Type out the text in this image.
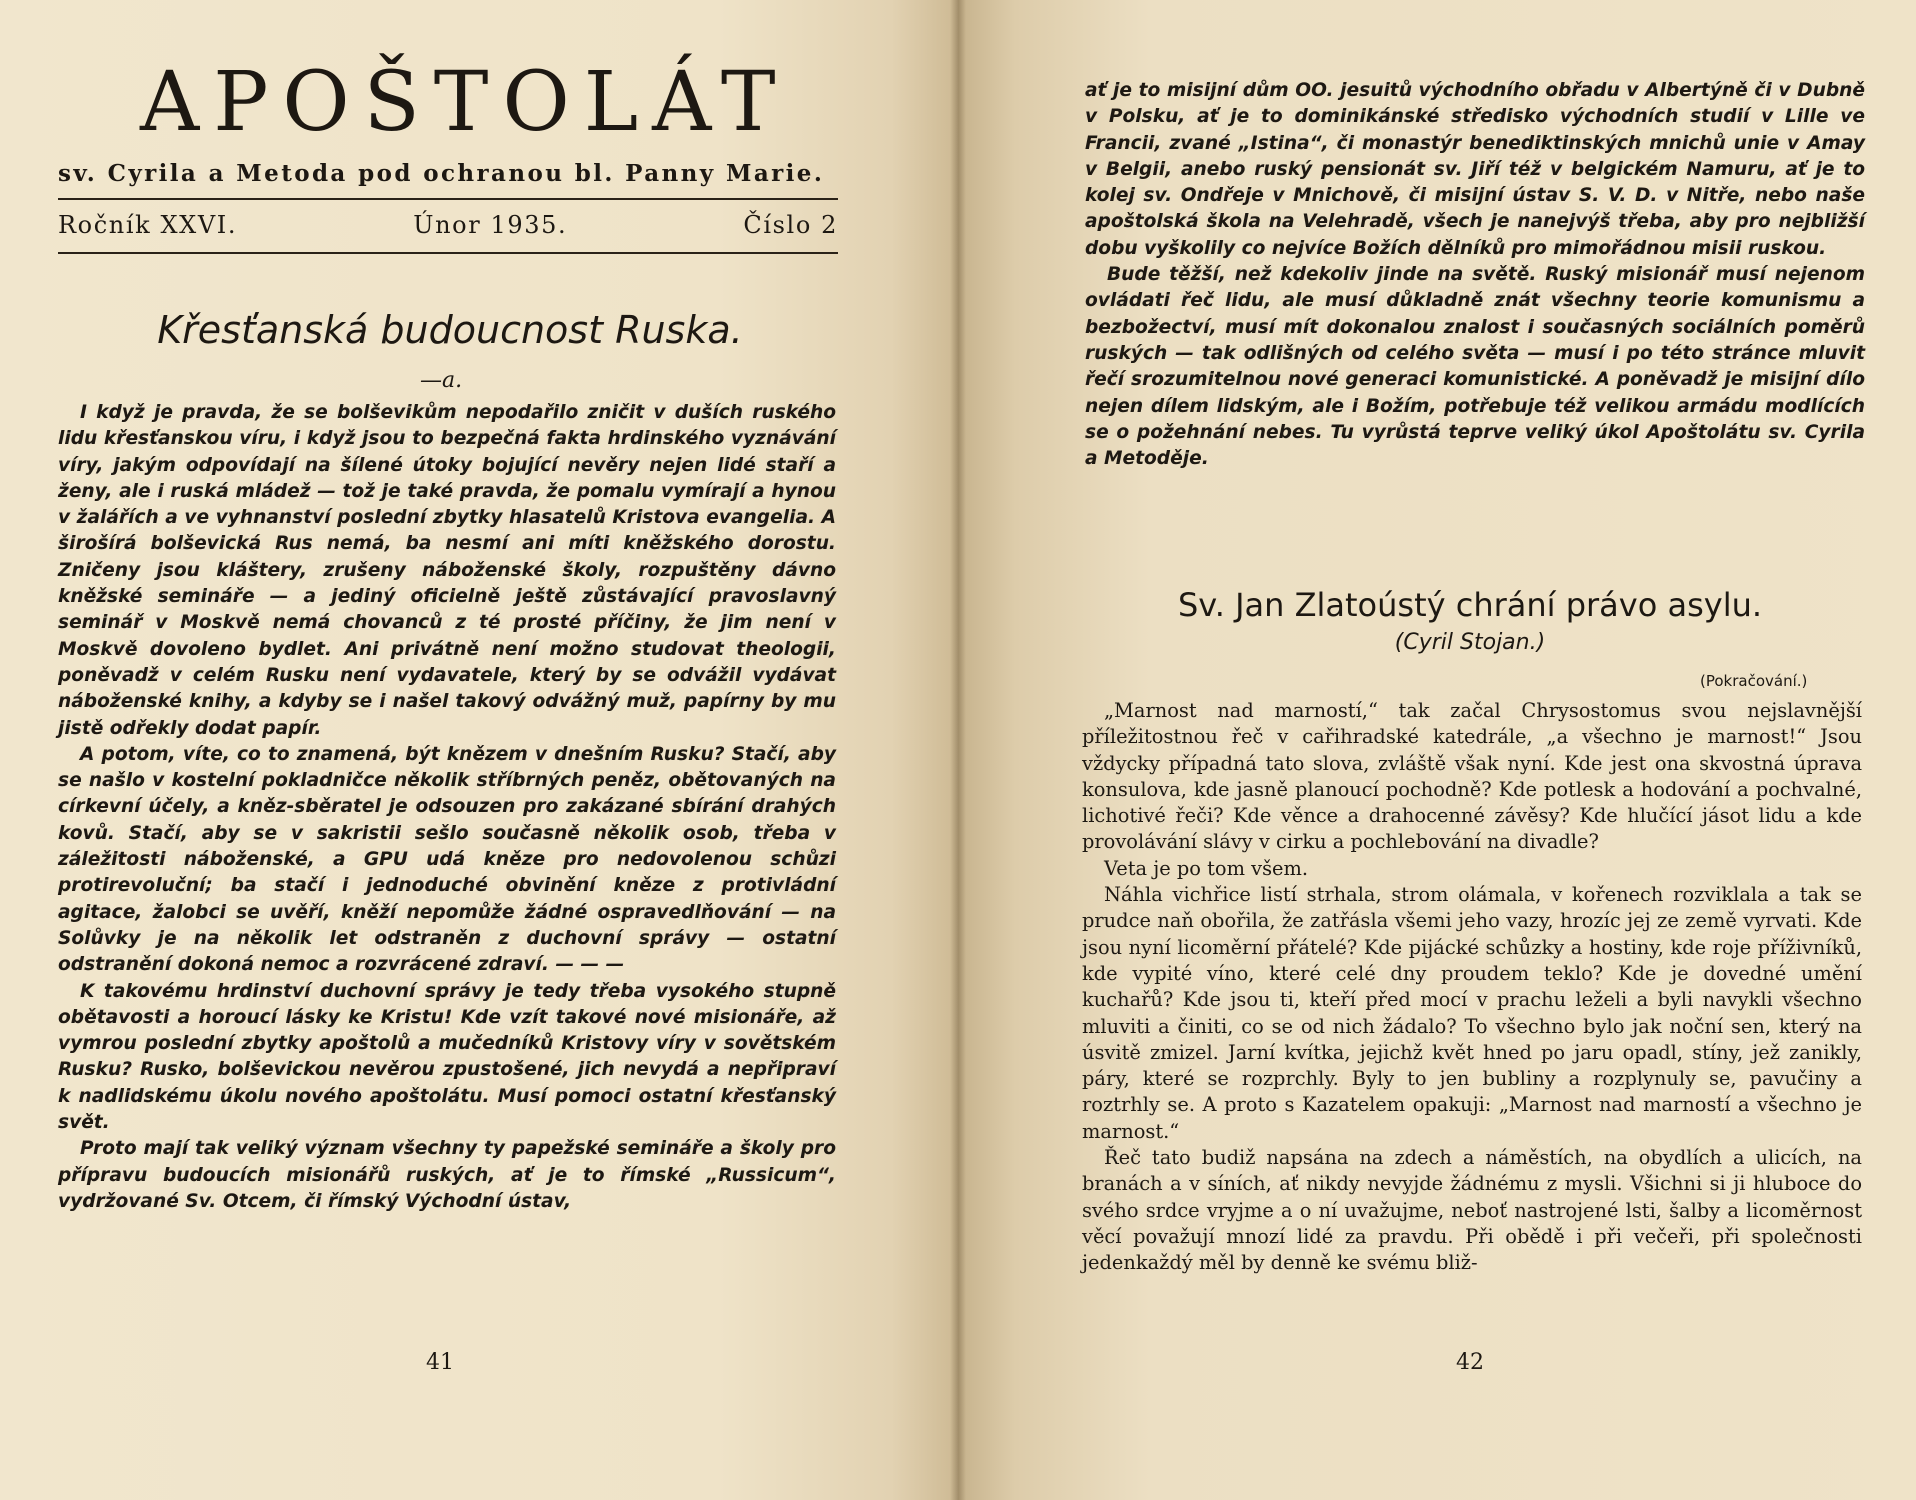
APOŠTOLÁT
sv. Cyrila a Metoda pod ochranou bl. Panny Marie.
Ročník XXVI.	Únor 1935.	Číslo 2
Křesťanská budoucnost Ruska.
—a.

I když je pravda, že se bolševikům nepodařilo zničit v duších ruského lidu křesťanskou víru, i když jsou to bezpečná fakta hrdinského vyznávání víry, jakým odpovídají na šílené útoky bojující nevěry nejen lidé staří a ženy, ale i ruská mládež — tož je také pravda, že pomalu vymírají a hynou v žalářích a ve vyhnanství poslední zbytky hlasatelů Kristova evangelia. A širošírá bolševická Rus nemá, ba nesmí ani míti kněžského dorostu. Zničeny jsou kláštery, zrušeny náboženské školy, rozpuštěny dávno kněžské semináře — a jediný oficielně ještě zůstávající pravoslavný seminář v Moskvě nemá chovanců z té prosté příčiny, že jim není v Moskvě dovoleno bydlet. Ani privátně není možno studovat theologii, poněvadž v celém Rusku není vydavatele, který by se odvážil vydávat náboženské knihy, a kdyby se i našel takový odvážný muž, papírny by mu jistě odřekly dodat papír.

A potom, víte, co to znamená, být knězem v dnešním Rusku? Stačí, aby se našlo v kostelní pokladničce několik stříbrných peněz, obětovaných na církevní účely, a kněz-sběratel je odsouzen pro zakázané sbírání drahých kovů. Stačí, aby se v sakristii sešlo současně několik osob, třeba v záležitosti náboženské, a GPU udá kněze pro nedovolenou schůzi protirevoluční; ba stačí i jednoduché obvinění kněze z protivládní agitace, žalobci se uvěří, kněží nepomůže žádné ospravedlňování — na Solůvky je na několik let odstraněn z duchovní správy — ostatní odstranění dokoná nemoc a rozvrácené zdraví. — — —

K takovému hrdinství duchovní správy je tedy třeba vysokého stupně obětavosti a horoucí lásky ke Kristu! Kde vzít takové nové misionáře, až vymrou poslední zbytky apoštolů a mučedníků Kristovy víry v sovětském Rusku? Rusko, bolševickou nevěrou zpustošené, jich nevydá a nepřipraví k nadlidskému úkolu nového apoštolátu. Musí pomoci ostatní křesťanský svět.

Proto mají tak veliký význam všechny ty papežské semináře a školy pro přípravu budoucích misionářů ruských, ať je to římské „Russicum“, vydržované Sv. Otcem, či římský Východní ústav,

41

ať je to misijní dům OO. jesuitů východního obřadu v Albertýně či v Dubně v Polsku, ať je to dominikánské středisko východních studií v Lille ve Francii, zvané „Istina“, či monastýr benediktinských mnichů unie v Amay v Belgii, anebo ruský pensionát sv. Jiří též v belgickém Namuru, ať je to kolej sv. Ondřeje v Mnichově, či misijní ústav S. V. D. v Nitře, nebo naše apoštolská škola na Velehradě, všech je nanejvýš třeba, aby pro nejbližší dobu vyškolily co nejvíce Božích dělníků pro mimořádnou misii ruskou.

Bude těžší, než kdekoliv jinde na světě. Ruský misionář musí nejenom ovládati řeč lidu, ale musí důkladně znát všechny teorie komunismu a bezbožectví, musí mít dokonalou znalost i současných sociálních poměrů ruských — tak odlišných od celého světa — musí i po této stránce mluvit řečí srozumitelnou nové generaci komunistické. A poněvadž je misijní dílo nejen dílem lidským, ale i Božím, potřebuje též velikou armádu modlících se o požehnání nebes. Tu vyrůstá teprve veliký úkol Apoštolátu sv. Cyrila a Metoděje.

Sv. Jan Zlatoústý chrání právo asylu.
(Cyril Stojan.)
(Pokračování.)

„Marnost nad marností,“ tak začal Chrysostomus svou nejslavnější příležitostnou řeč v cařihradské katedrále, „a všechno je marnost!“ Jsou vždycky případná tato slova, zvláště však nyní. Kde jest ona skvostná úprava konsulova, kde jasně planoucí pochodně? Kde potlesk a hodování a pochvalné, lichotivé řeči? Kde věnce a drahocenné závěsy? Kde hlučící jásot lidu a kde provolávání slávy v cirku a pochlebování na divadle?

Veta je po tom všem.

Náhla vichřice listí strhala, strom olámala, v kořenech rozviklala a tak se prudce naň obořila, že zatřásla všemi jeho vazy, hrozíc jej ze země vyrvati. Kde jsou nyní licoměrní přátelé? Kde pijácké schůzky a hostiny, kde roje příživníků, kde vypité víno, které celé dny proudem teklo? Kde je dovedné umění kuchařů? Kde jsou ti, kteří před mocí v prachu leželi a byli navykli všechno mluviti a činiti, co se od nich žádalo? To všechno bylo jak noční sen, který na úsvitě zmizel. Jarní kvítka, jejichž květ hned po jaru opadl, stíny, jež zanikly, páry, které se rozprchly. Byly to jen bubliny a rozplynuly se, pavučiny a roztrhly se. A proto s Kazatelem opakuji: „Marnost nad marností a všechno je marnost.“

Řeč tato budiž napsána na zdech a náměstích, na obydlích a ulicích, na branách a v síních, ať nikdy nevyjde žádnému z mysli. Všichni si ji hluboce do svého srdce vryjme a o ní uvažujme, neboť nastrojené lsti, šalby a licoměrnost věcí považují mnozí lidé za pravdu. Při obědě i při večeři, při společnosti jedenkaždý měl by denně ke svému bliž-

42
